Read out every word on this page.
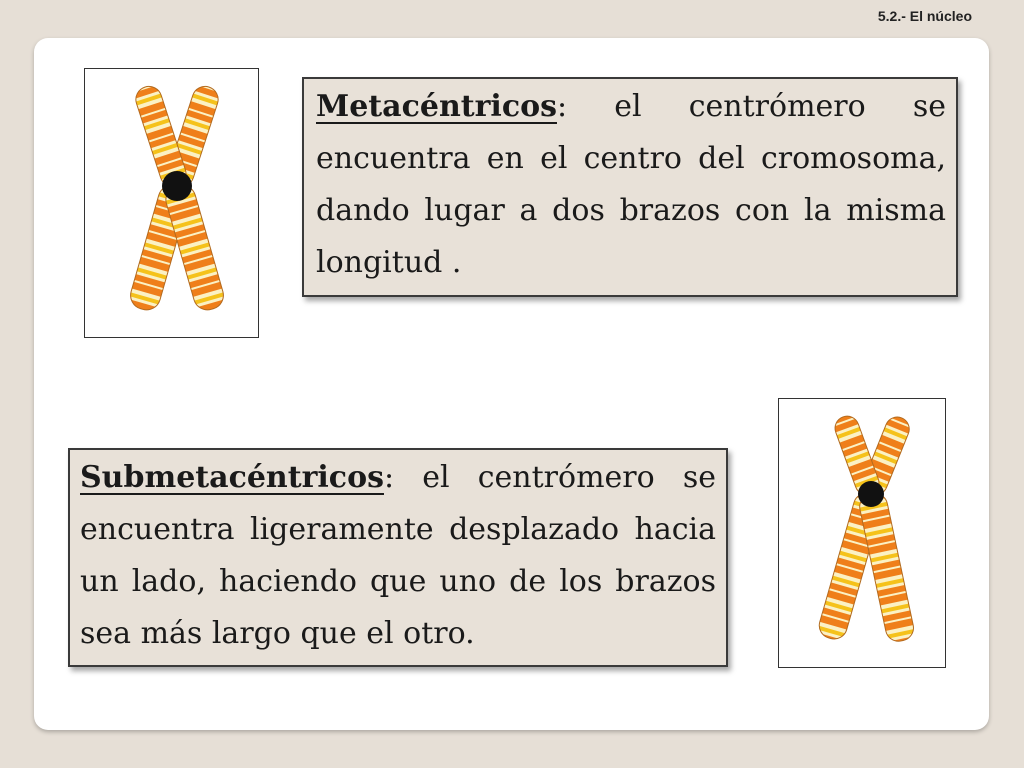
5.2.- El núcleo

Metacéntricos: el centrómero se encuentra en el centro del cromosoma, dando lugar a dos brazos con la misma longitud .

Submetacéntricos: el centrómero se encuentra ligeramente desplazado hacia un lado, haciendo que uno de los brazos sea más largo que el otro.
